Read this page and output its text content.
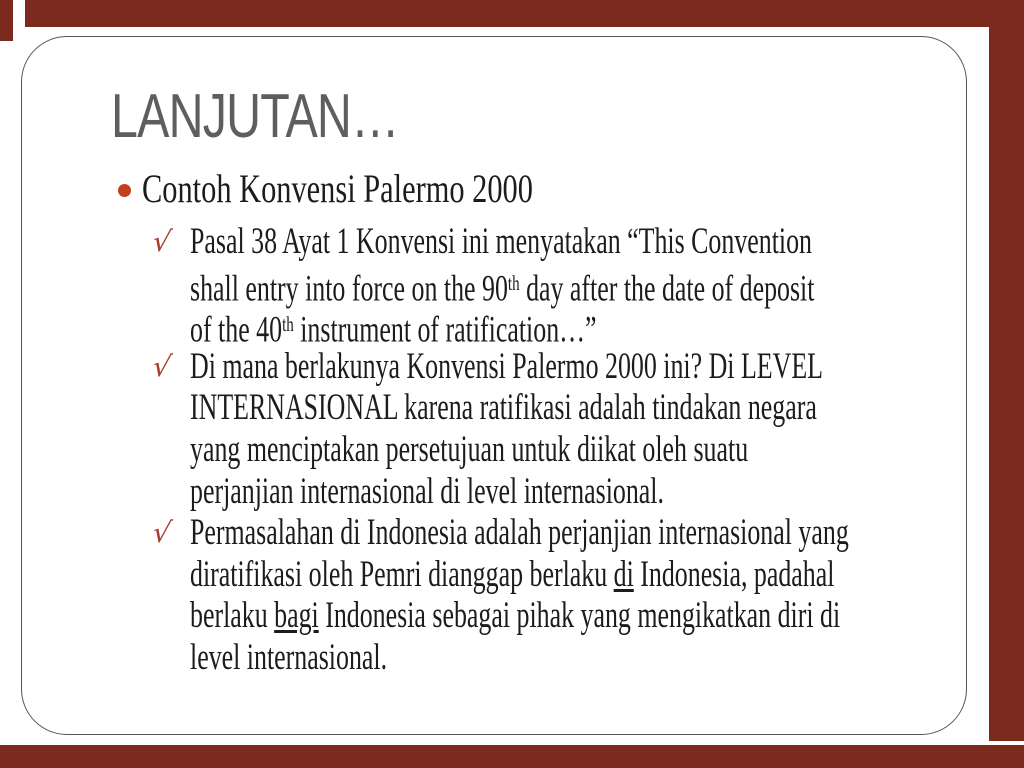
LANJUTAN…
Contoh Konvensi Palermo 2000
√ Pasal 38 Ayat 1 Konvensi ini menyatakan “This Convention
shall entry into force on the 90th day after the date of deposit
of the 40th instrument of ratification…”
√ Di mana berlakunya Konvensi Palermo 2000 ini? Di LEVEL
INTERNASIONAL karena ratifikasi adalah tindakan negara
yang menciptakan persetujuan untuk diikat oleh suatu
perjanjian internasional di level internasional.
√ Permasalahan di Indonesia adalah perjanjian internasional yang
diratifikasi oleh Pemri dianggap berlaku di Indonesia, padahal
berlaku bagi Indonesia sebagai pihak yang mengikatkan diri di
level internasional.
